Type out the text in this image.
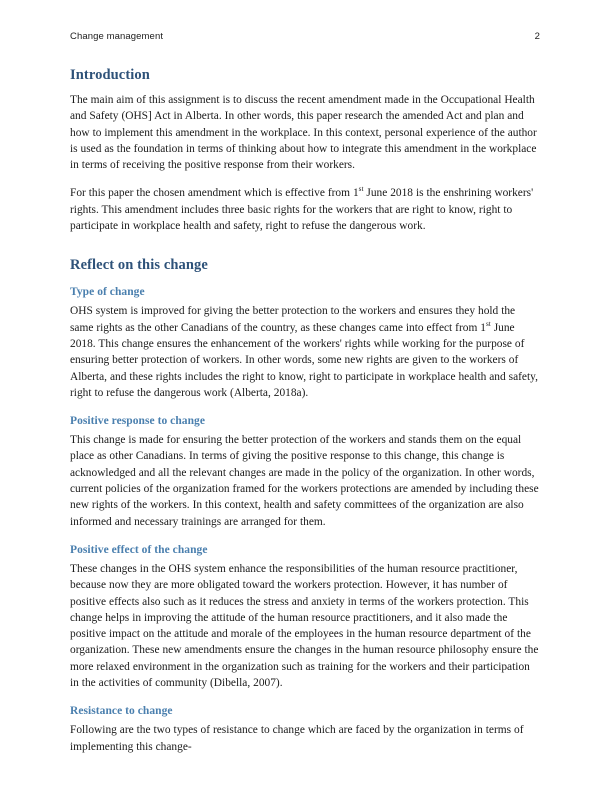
Change management	2
Introduction

The main aim of this assignment is to discuss the recent amendment made in the Occupational Health and Safety (OHS] Act in Alberta. In other words, this paper research the amended Act and plan and how to implement this amendment in the workplace. In this context, personal experience of the author is used as the foundation in terms of thinking about how to integrate this amendment in the workplace in terms of receiving the positive response from their workers.

For this paper the chosen amendment which is effective from 1st June 2018 is the enshrining workers' rights. This amendment includes three basic rights for the workers that are right to know, right to participate in workplace health and safety, right to refuse the dangerous work.

Reflect on this change
Type of change

OHS system is improved for giving the better protection to the workers and ensures they hold the same rights as the other Canadians of the country, as these changes came into effect from 1st June 2018. This change ensures the enhancement of the workers' rights while working for the purpose of ensuring better protection of workers. In other words, some new rights are given to the workers of Alberta, and these rights includes the right to know, right to participate in workplace health and safety, right to refuse the dangerous work (Alberta, 2018a).

Positive response to change

This change is made for ensuring the better protection of the workers and stands them on the equal place as other Canadians. In terms of giving the positive response to this change, this change is acknowledged and all the relevant changes are made in the policy of the organization. In other words, current policies of the organization framed for the workers protections are amended by including these new rights of the workers. In this context, health and safety committees of the organization are also informed and necessary trainings are arranged for them.

Positive effect of the change

These changes in the OHS system enhance the responsibilities of the human resource practitioner, because now they are more obligated toward the workers protection. However, it has number of positive effects also such as it reduces the stress and anxiety in terms of the workers protection. This change helps in improving the attitude of the human resource practitioners, and it also made the positive impact on the attitude and morale of the employees in the human resource department of the organization. These new amendments ensure the changes in the human resource philosophy ensure the more relaxed environment in the organization such as training for the workers and their participation in the activities of community (Dibella, 2007).

Resistance to change

Following are the two types of resistance to change which are faced by the organization in terms of implementing this change-
